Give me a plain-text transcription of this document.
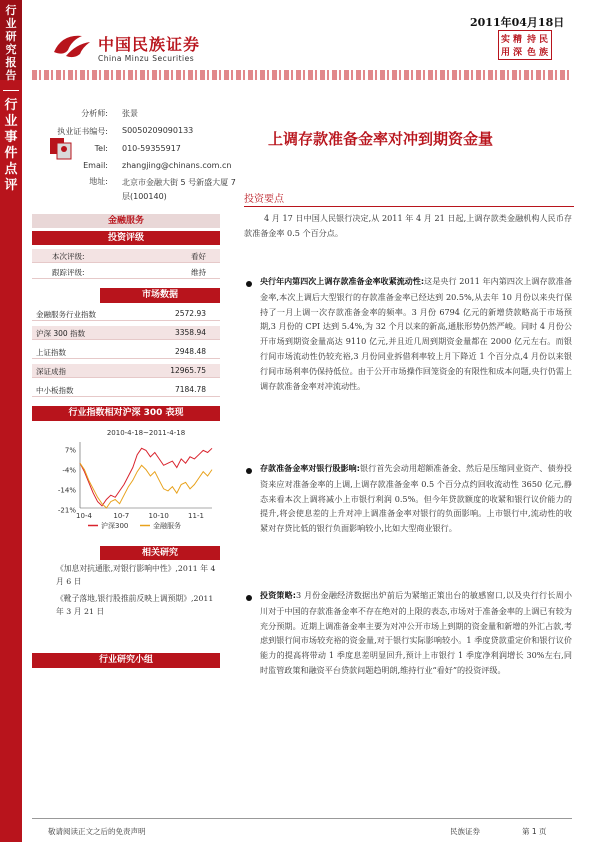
行业研究报告
行业事件点评
中国民族证券
China Minzu Securities
2011年04月18日
实 精 持 民
用 深 色 族
分析师: 张景
执业证书编号: S0050209090133
Tel: 010-59355917
Email: zhangjing@chinans.com.cn
地址: 北京市金融大街 5 号新盛大厦 7 层(100140)
金融服务
投资评级
本次评级:	看好
跟踪评级:	维持
市场数据
金融服务行业指数	2572.93
沪深 300 指数	3358.94
上证指数	2948.48
深证成指	12965.75
中小板指数	7184.78
行业指数相对沪深 300 表现
2010-4-18~2011-4-18
7%
-4%
-14%
-21%
10-4	10-7	10-10	11-1
沪深300	金融服务
相关研究
《加息对抗通胀,对银行影响中性》,2011 年 4 月 6 日
《靴子落地,银行股推前反映上调预期》,2011 年 3 月 21 日
行业研究小组
上调存款准备金率对冲到期资金量
投资要点
4 月 17 日中国人民银行决定,从 2011 年 4 月 21 日起,上调存款类金融机构人民币存款准备金率 0.5 个百分点。
央行年内第四次上调存款准备金率收紧流动性:这是央行 2011 年内第四次上调存款准备金率,本次上调后大型银行的存款准备金率已经达到 20.5%,从去年 10 月份以来央行保持了一月上调一次存款准备金率的频率。3 月份 6794 亿元的新增贷款略高于市场预期,3 月份的 CPI 达到 5.4%,为 32 个月以来的新高,通胀形势仍然严峻。同时 4 月份公开市场到期资金量高达 9110 亿元,并且近几周到期资金量都在 2000 亿元左右。而银行间市场流动性仍较充裕,3 月份同业拆借利率较上月下降近 1 个百分点,4 月份以来银行间市场利率仍保持低位。由于公开市场操作回笼资金的有限性和成本问题,央行仍需上调存款准备金率对冲流动性。
存款准备金率对银行股影响:银行首先会动用超额准备金、然后是压缩同业资产、债券投资来应对准备金率的上调,上调存款准备金率 0.5 个百分点约回收流动性 3650 亿元,静态来看本次上调将减小上市银行利润 0.5%。但今年贷款额度的收紧和银行议价能力的提升,将会使息差的上升对冲上调准备金率对银行的负面影响。上市银行中,流动性的收紧对存贷比低的银行负面影响较小,比如大型商业银行。
投资策略:3 月份金融经济数据出炉前后为紧缩正策出台的敏感窗口,以及央行行长周小川对于中国的存款准备金率不存在绝对的上限的表态,市场对于准备金率的上调已有较为充分预期。近期上调准备金率主要为对冲公开市场上到期的资金量和新增的外汇占款,考虑到银行间市场较充裕的资金量,对于银行实际影响较小。1 季度贷款重定价和银行议价能力的提高将带动 1 季度息差明显回升,预计上市银行 1 季度净利润增长 30%左右,同时监管政策和融资平台贷款问题趋明朗,维持行业“看好”的投资评级。
敬请阅读正文之后的免责声明	民族证券	第 1 页
